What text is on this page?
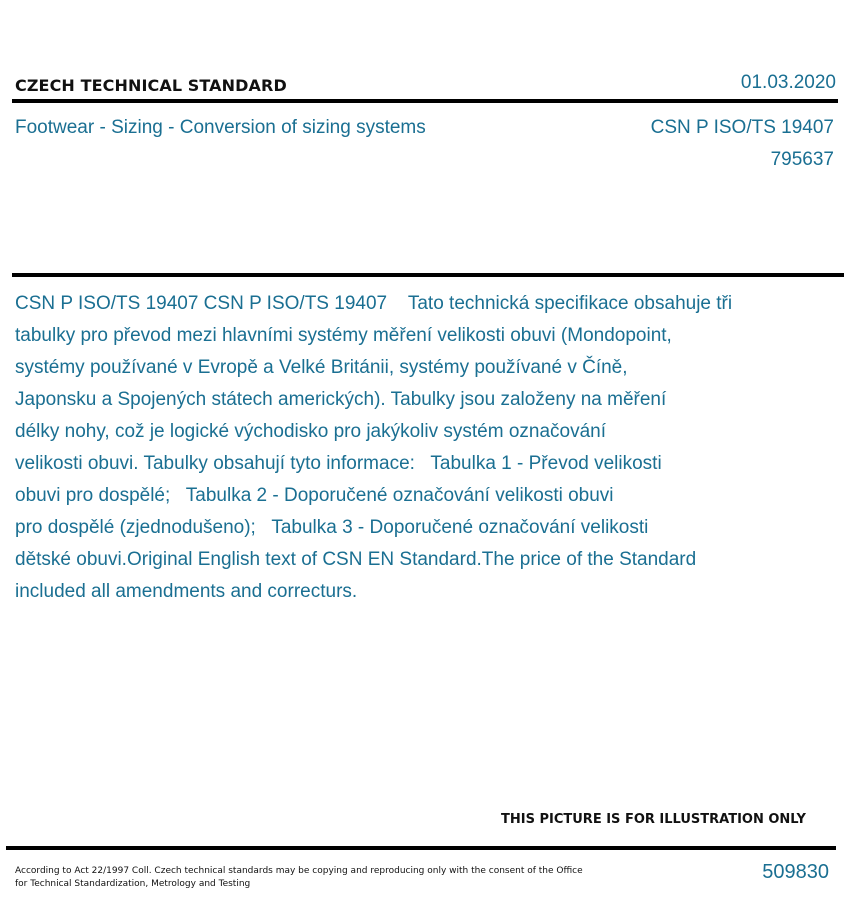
CZECH TECHNICAL STANDARD	01.03.2020
Footwear - Sizing - Conversion of sizing systems	CSN P ISO/TS 19407
795637

CSN P ISO/TS 19407 CSN P ISO/TS 19407    Tato technická specifikace obsahuje tři
tabulky pro převod mezi hlavními systémy měření velikosti obuvi (Mondopoint,
systémy používané v Evropě a Velké Británii, systémy používané v Číně,
Japonsku a Spojených státech amerických). Tabulky jsou založeny na měření
délky nohy, což je logické východisko pro jakýkoliv systém označování
velikosti obuvi. Tabulky obsahují tyto informace:   Tabulka 1 - Převod velikosti
obuvi pro dospělé;   Tabulka 2 - Doporučené označování velikosti obuvi
pro dospělé (zjednodušeno);   Tabulka 3 - Doporučené označování velikosti
dětské obuvi.Original English text of CSN EN Standard.The price of the Standard
included all amendments and correcturs.

THIS PICTURE IS FOR ILLUSTRATION ONLY

According to Act 22/1997 Coll. Czech technical standards may be copying and reproducing only with the consent of the Office
for Technical Standardization, Metrology and Testing

509830
